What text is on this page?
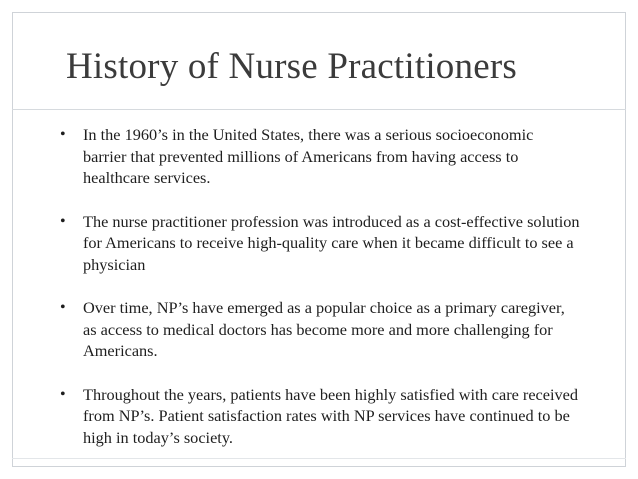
History of Nurse Practitioners
• In the 1960’s in the United States, there was a serious socioeconomic barrier that prevented millions of Americans from having access to healthcare services.
• The nurse practitioner profession was introduced as a cost-effective solution for Americans to receive high-quality care when it became difficult to see a physician
• Over time, NP’s have emerged as a popular choice as a primary caregiver, as access to medical doctors has become more and more challenging for Americans.
• Throughout the years, patients have been highly satisfied with care received from NP’s. Patient satisfaction rates with NP services have continued to be high in today’s society.
